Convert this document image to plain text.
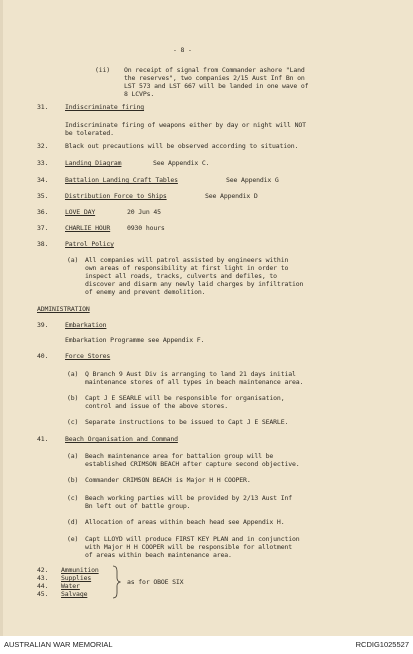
- 8 -
(ii) On receipt of signal from Commander ashore "Land
the reserves", two companies 2/15 Aust Inf Bn on
LST 573 and LST 667 will be landed in one wave of
8 LCVPs.
31.	Indiscriminate firing
Indiscriminate firing of weapons either by day or night will NOT
be tolerated.
32.	Black out precautions will be observed according to situation.
33.	Landing Diagram	See Appendix C.
34.	Battalion Landing Craft Tables	See Appendix G
35.	Distribution Force to Ships	See Appendix D
36.	LOVE DAY	20 Jun 45
37.	CHARLIE HOUR	0930 hours
38.	Patrol Policy
(a) All companies will patrol assisted by engineers within
own areas of responsibility at first light in order to
inspect all roads, tracks, culverts and defiles, to
discover and disarm any newly laid charges by infiltration
of enemy and prevent demolition.
ADMINISTRATION
39.	Embarkation
Embarkation Programme see Appendix F.
40.	Force Stores
(a) Q Branch 9 Aust Div is arranging to land 21 days initial
maintenance stores of all types in beach maintenance area.
(b) Capt J E SEARLE will be responsible for organisation,
control and issue of the above stores.
(c) Separate instructions to be issued to Capt J E SEARLE.
41.	Beach Organisation and Command
(a) Beach maintenance area for battalion group will be
established CRIMSON BEACH after capture second objective.
(b) Commander CRIMSON BEACH is Major H H COOPER.
(c) Beach working parties will be provided by 2/13 Aust Inf
Bn left out of battle group.
(d) Allocation of areas within beach head see Appendix H.
(e) Capt LLOYD will produce FIRST KEY PLAN and in conjunction
with Major H H COOPER will be responsible for allotment
of areas within beach maintenance area.
42. Ammunition
43. Supplies
44. Water
45. Salvage
as for OBOE SIX
AUSTRALIAN WAR MEMORIAL	RCDIG1025527
